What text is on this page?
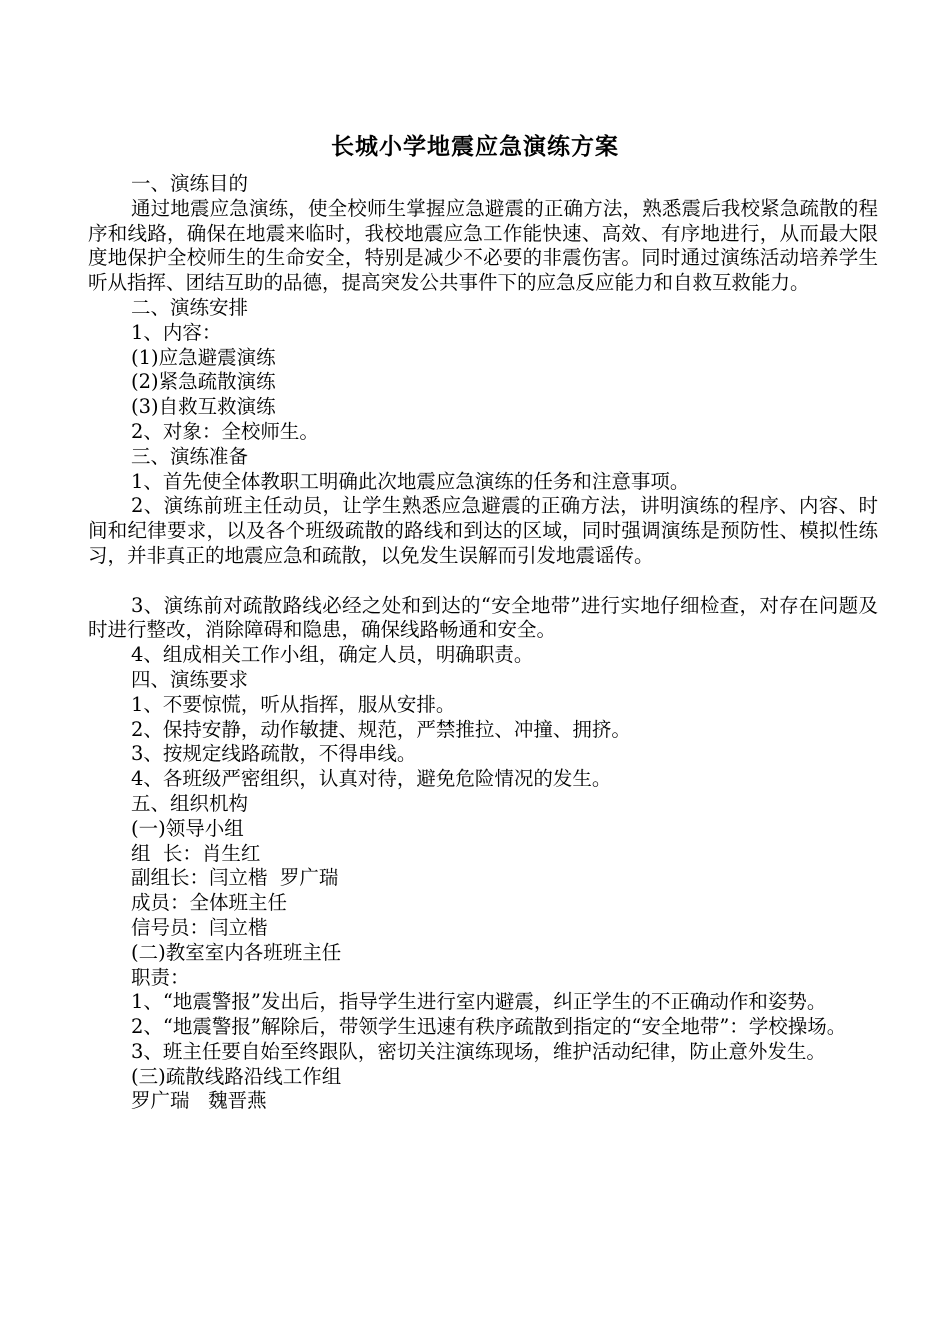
长城小学地震应急演练方案

一、演练目的

通过地震应急演练，使全校师生掌握应急避震的正确方法，熟悉震后我校紧急疏散的程序和线路，确保在地震来临时，我校地震应急工作能快速、高效、有序地进行，从而最大限度地保护全校师生的生命安全，特别是减少不必要的非震伤害。同时通过演练活动培养学生听从指挥、团结互助的品德，提高突发公共事件下的应急反应能力和自救互救能力。

二、演练安排

1、内容：

(1)应急避震演练

(2)紧急疏散演练

(3)自救互救演练

2、对象：全校师生。

三、演练准备

1、首先使全体教职工明确此次地震应急演练的任务和注意事项。

2、演练前班主任动员，让学生熟悉应急避震的正确方法，讲明演练的程序、内容、时间和纪律要求，以及各个班级疏散的路线和到达的区域，同时强调演练是预防性、模拟性练习，并非真正的地震应急和疏散，以免发生误解而引发地震谣传。

3、演练前对疏散路线必经之处和到达的“安全地带”进行实地仔细检查，对存在问题及时进行整改，消除障碍和隐患，确保线路畅通和安全。

4、组成相关工作小组，确定人员，明确职责。

四、演练要求

1、不要惊慌，听从指挥，服从安排。

2、保持安静，动作敏捷、规范，严禁推拉、冲撞、拥挤。

3、按规定线路疏散，不得串线。

4、各班级严密组织，认真对待，避免危险情况的发生。

五、组织机构

(一)领导小组

组  长：肖生红

副组长：闫立楷  罗广瑞

成员：全体班主任

信号员：闫立楷

(二)教室室内各班班主任

职责：

1、“地震警报”发出后，指导学生进行室内避震，纠正学生的不正确动作和姿势。

2、“地震警报”解除后，带领学生迅速有秩序疏散到指定的“安全地带”：学校操场。

3、班主任要自始至终跟队，密切关注演练现场，维护活动纪律，防止意外发生。

(三)疏散线路沿线工作组

罗广瑞   魏晋燕
